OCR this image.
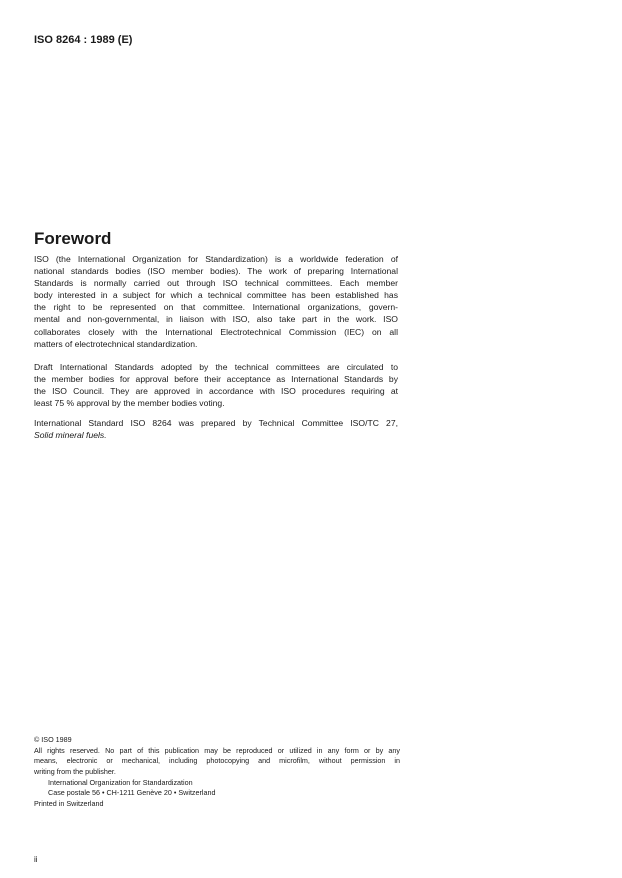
ISO 8264 : 1989 (E)
Foreword
ISO (the International Organization for Standardization) is a worldwide federation of
national standards bodies (ISO member bodies). The work of preparing International
Standards is normally carried out through ISO technical committees. Each member
body interested in a subject for which a technical committee has been established has
the right to be represented on that committee. International organizations, govern-
mental and non-governmental, in liaison with ISO, also take part in the work. ISO
collaborates closely with the International Electrotechnical Commission (IEC) on all
matters of electrotechnical standardization.
Draft International Standards adopted by the technical committees are circulated to
the member bodies for approval before their acceptance as International Standards by
the ISO Council. They are approved in accordance with ISO procedures requiring at
least 75 % approval by the member bodies voting.
International Standard ISO 8264 was prepared by Technical Committee ISO/TC 27,
Solid mineral fuels.
© ISO 1989
All rights reserved. No part of this publication may be reproduced or utilized in any form or by any
means, electronic or mechanical, including photocopying and microfilm, without permission in
writing from the publisher.
International Organization for Standardization
Case postale 56 • CH-1211 Genève 20 • Switzerland
Printed in Switzerland
ii
